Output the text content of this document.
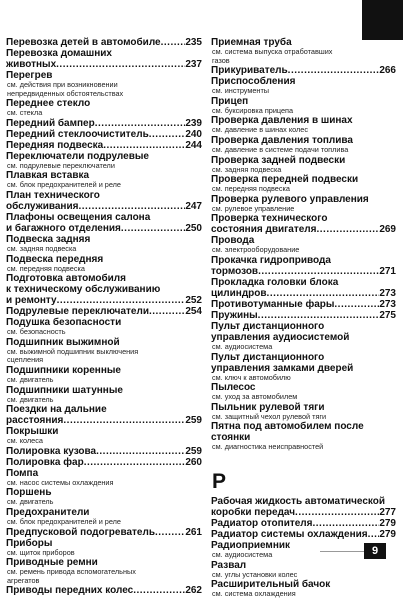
Перевозка детей в автомобиле ..... 235
Перевозка домашних
животных .....	237
Перегрев
см. действия при возникновении
непредвиденных обстоятельствах
Переднее стекло
см. стекла
Передний бампер .....	239
Передний стеклоочиститель .....	240
Передняя подвеска .....	244
Переключатели подрулевые
см. подрулевые переключатели
Плавкая вставка
см. блок предохранителей и реле
План технического
обслуживания .....	247
Плафоны освещения салона
и багажного отделения .....	250
Подвеска задняя
см. задняя подвеска
Подвеска передняя
см. передняя подвеска
Подготовка автомобиля
к техническому обслуживанию
и ремонту .....	252
Подрулевые переключатели .....	254
Подушка безопасности
см. безопасность
Подшипник выжимной
см. выжимной подшипник выключения
сцепления
Подшипники коренные
см. двигатель
Подшипники шатунные
см. двигатель
Поездки на дальние
расстояния .....	259
Покрышки
см. колеса
Полировка кузова .....	259
Полировка фар .....	260
Помпа
см. насос системы охлаждения
Поршень
см. двигатель
Предохранители
см. блок предохранителей и реле
Предпусковой подогреватель .....	261
Приборы
см. щиток приборов
Приводные ремни
см. ремень привода вспомогательных
агрегатов
Приводы передних колес .....	262
Приемная труба
см. система выпуска отработавших
газов
Прикуриватель .....	266
Приспособления
см. инструменты
Прицеп
см. буксировка прицепа
Проверка давления в шинах
см. давление в шинах колес
Проверка давления топлива
см. давление в системе подачи топлива
Проверка задней подвески
см. задняя подвеска
Проверка передней подвески
см. передняя подвеска
Проверка рулевого управления
см. рулевое управление
Проверка технического
состояния двигателя .....	269
Провода
см. электрооборудование
Прокачка гидропривода
тормозов .....	271
Прокладка головки блока
цилиндров .....	273
Противотуманные фары .....	273
Пружины .....	275
Пульт дистанционного
управления аудиосистемой
см. аудиосистема
Пульт дистанционного
управления замками дверей
см. ключ к автомобилю
Пылесос
см. уход за автомобилем
Пыльник рулевой тяги
см. защитный чехол рулевой тяги
Пятна под автомобилем после
стоянки
см. диагностика неисправностей
Р
Рабочая жидкость автоматической
коробки передач .....	277
Радиатор отопителя .....	279
Радиатор системы охлаждения ..... 279
Радиоприемник
см. аудиосистема
Развал
см. углы установки колес
Расширительный бачок
см. система охлаждения
9
